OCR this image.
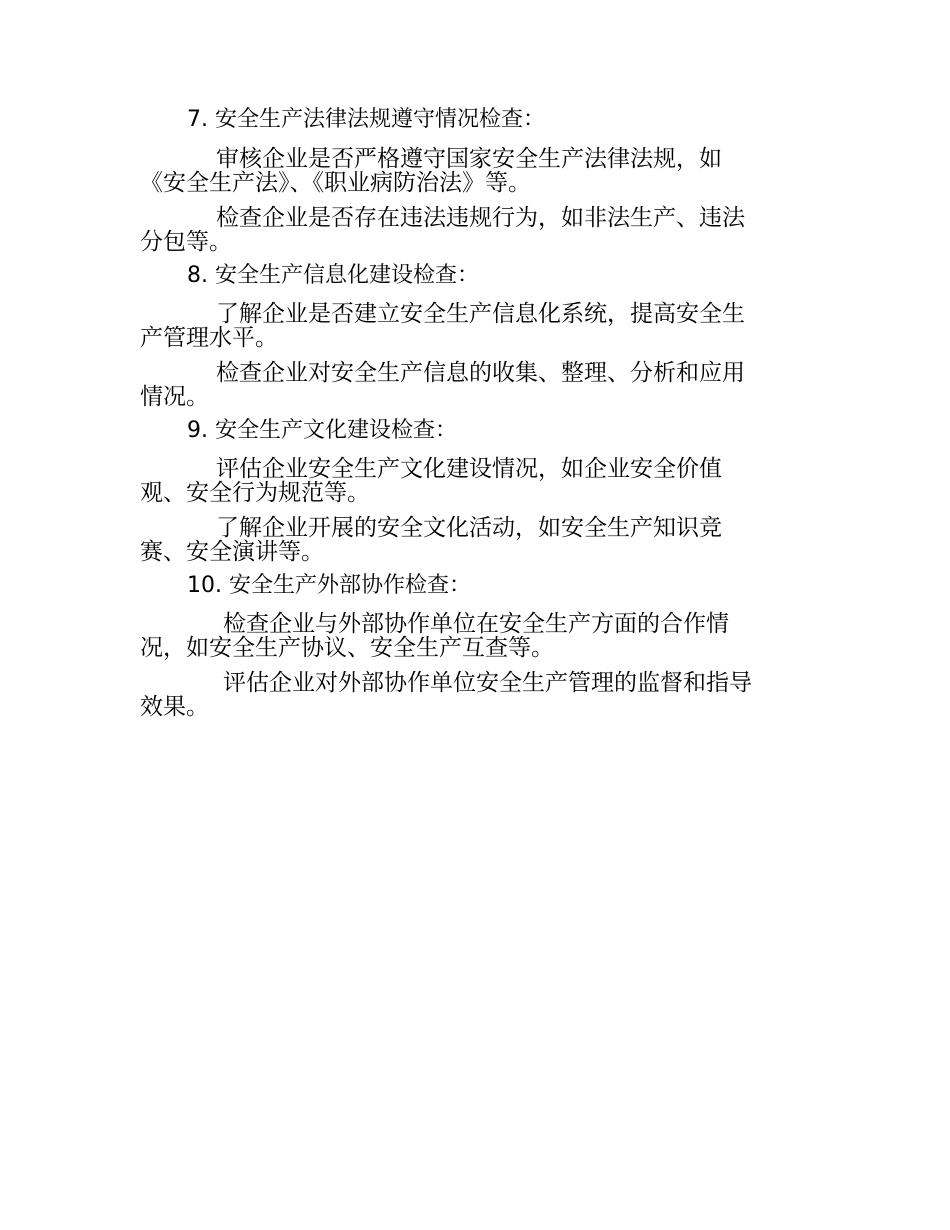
7. 安全生产法律法规遵守情况检查：
审核企业是否严格遵守国家安全生产法律法规，如
《安全生产法》、《职业病防治法》等。
检查企业是否存在违法违规行为，如非法生产、违法
分包等。
8. 安全生产信息化建设检查：
了解企业是否建立安全生产信息化系统，提高安全生
产管理水平。
检查企业对安全生产信息的收集、整理、分析和应用
情况。
9. 安全生产文化建设检查：
评估企业安全生产文化建设情况，如企业安全价值
观、安全行为规范等。
了解企业开展的安全文化活动，如安全生产知识竞
赛、安全演讲等。
10. 安全生产外部协作检查：
检查企业与外部协作单位在安全生产方面的合作情
况，如安全生产协议、安全生产互查等。
评估企业对外部协作单位安全生产管理的监督和指导
效果。
